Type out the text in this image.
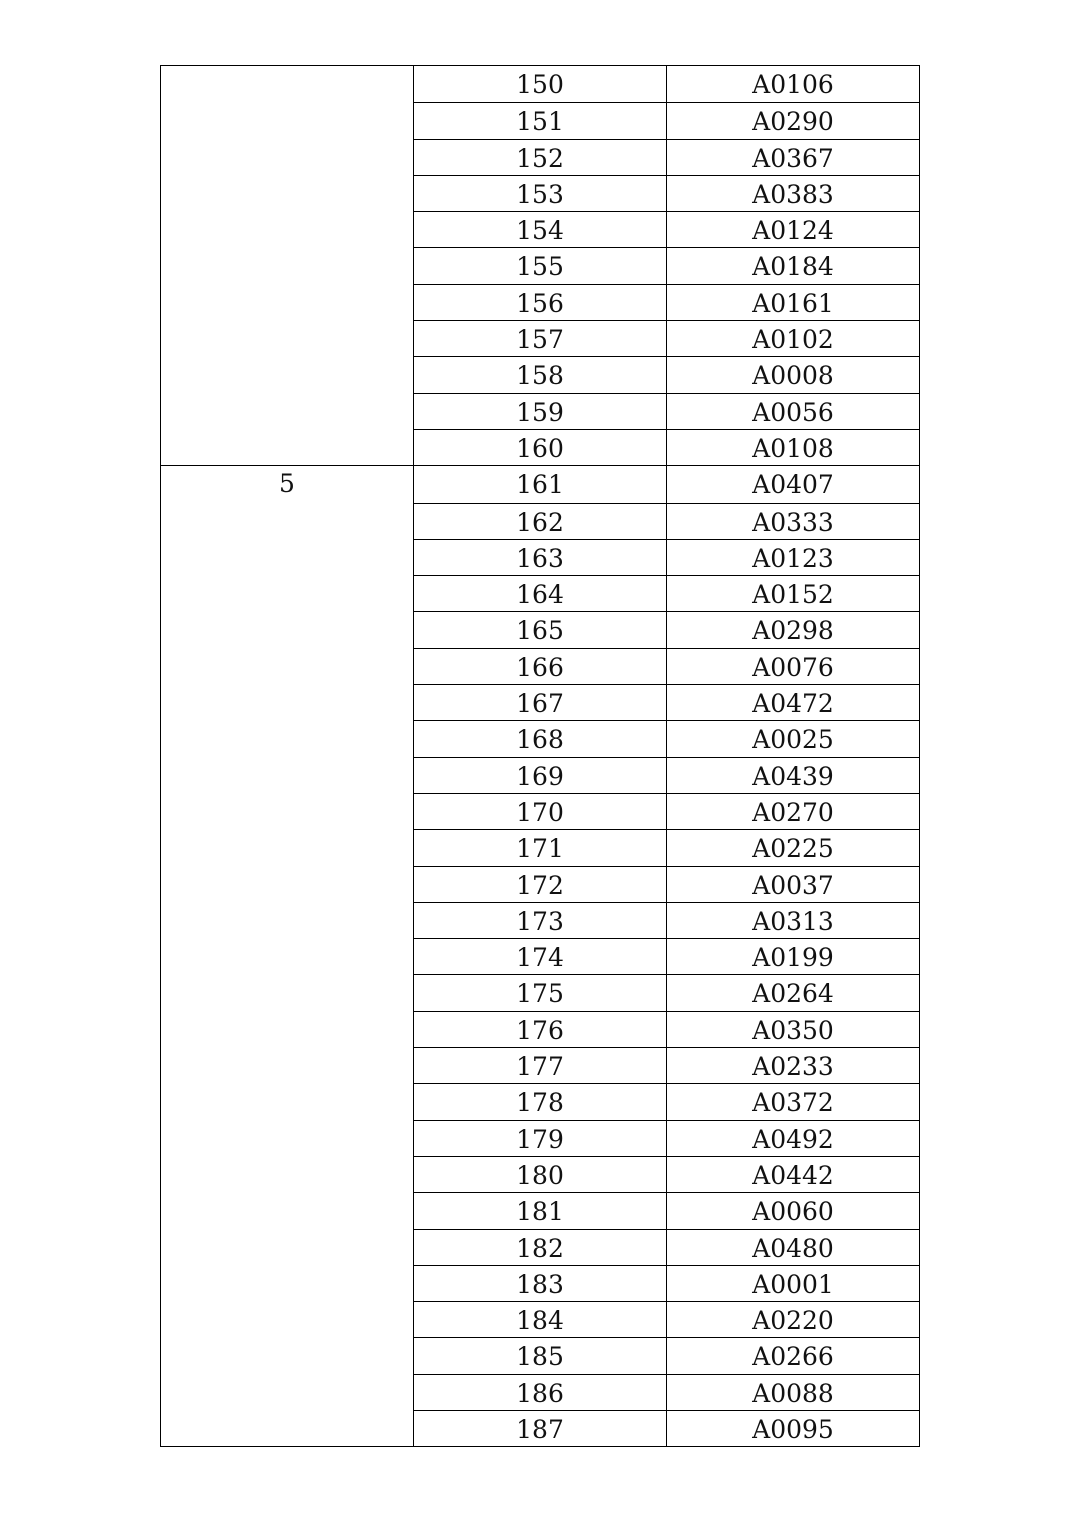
150	A0106
151	A0290
152	A0367
153	A0383
154	A0124
155	A0184
156	A0161
157	A0102
158	A0008
159	A0056
160	A0108
5	161	A0407
162	A0333
163	A0123
164	A0152
165	A0298
166	A0076
167	A0472
168	A0025
169	A0439
170	A0270
171	A0225
172	A0037
173	A0313
174	A0199
175	A0264
176	A0350
177	A0233
178	A0372
179	A0492
180	A0442
181	A0060
182	A0480
183	A0001
184	A0220
185	A0266
186	A0088
187	A0095
